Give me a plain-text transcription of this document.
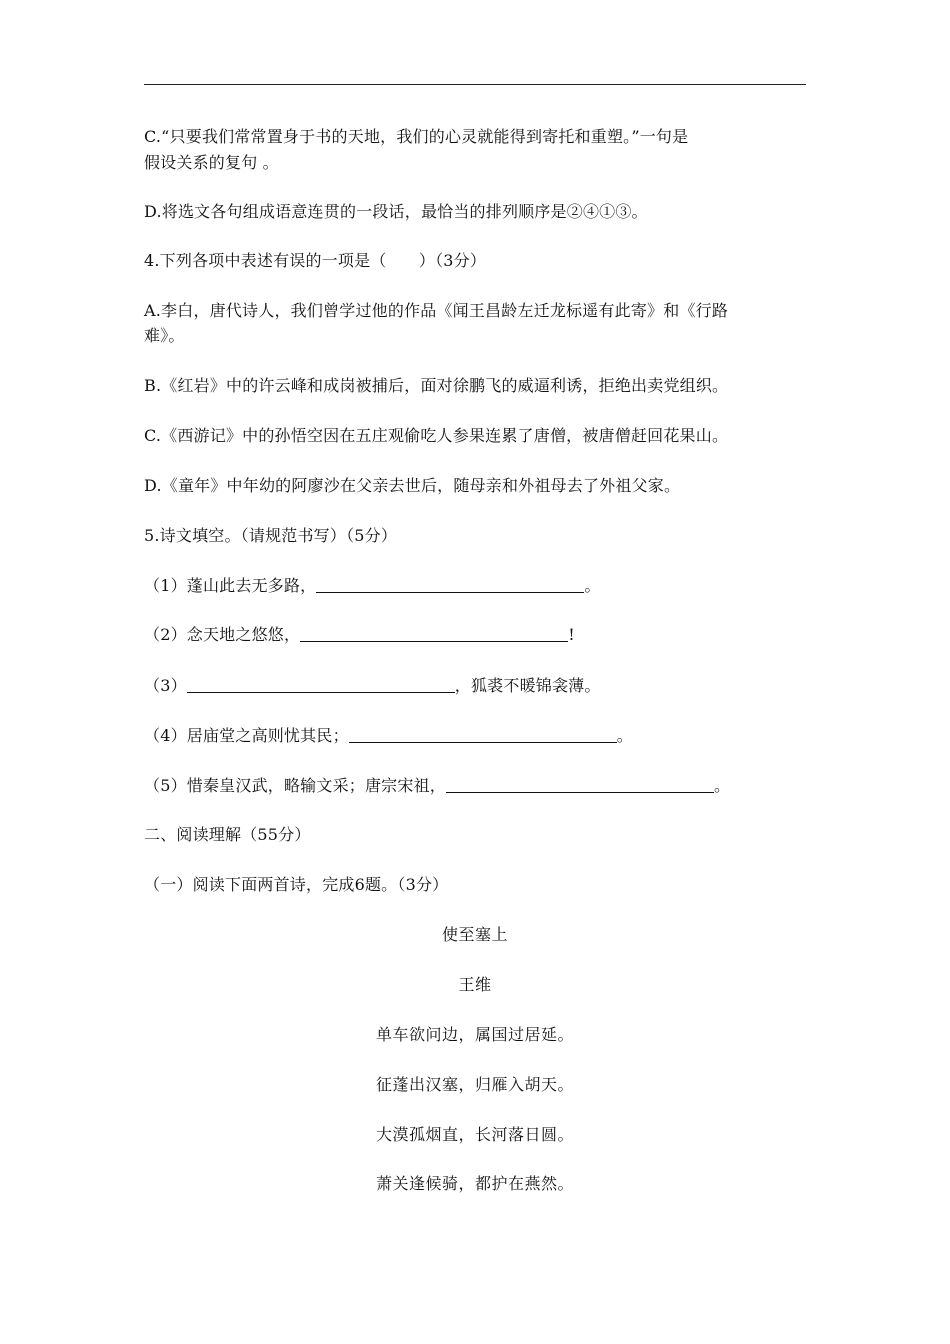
C.“只要我们常常置身于书的天地，我们的心灵就能得到寄托和重塑。”一句是
假设关系的复句 。
D.将选文各句组成语意连贯的一段话，最恰当的排列顺序是②④①③。
4.下列各项中表述有误的一项是（　　）（3分）
A.李白，唐代诗人，我们曾学过他的作品《闻王昌龄左迁龙标遥有此寄》和《行路
难》。
B.《红岩》中的许云峰和成岗被捕后，面对徐鹏飞的威逼利诱，拒绝出卖党组织。
C.《西游记》中的孙悟空因在五庄观偷吃人参果连累了唐僧，被唐僧赶回花果山。
D.《童年》中年幼的阿廖沙在父亲去世后，随母亲和外祖母去了外祖父家。
5.诗文填空。（请规范书写）（5分）
（1）蓬山此去无多路，	。
（2）念天地之悠悠，	!
（3）	，狐裘不暖锦衾薄。
（4）居庙堂之高则忧其民；	。
（5）惜秦皇汉武，略输文采；唐宗宋祖，	。
二、阅读理解（55分）
（一）阅读下面两首诗，完成6题。（3分）
使至塞上
王维
单车欲问边，属国过居延。
征蓬出汉塞，归雁入胡天。
大漠孤烟直，长河落日圆。
萧关逢候骑，都护在燕然。
